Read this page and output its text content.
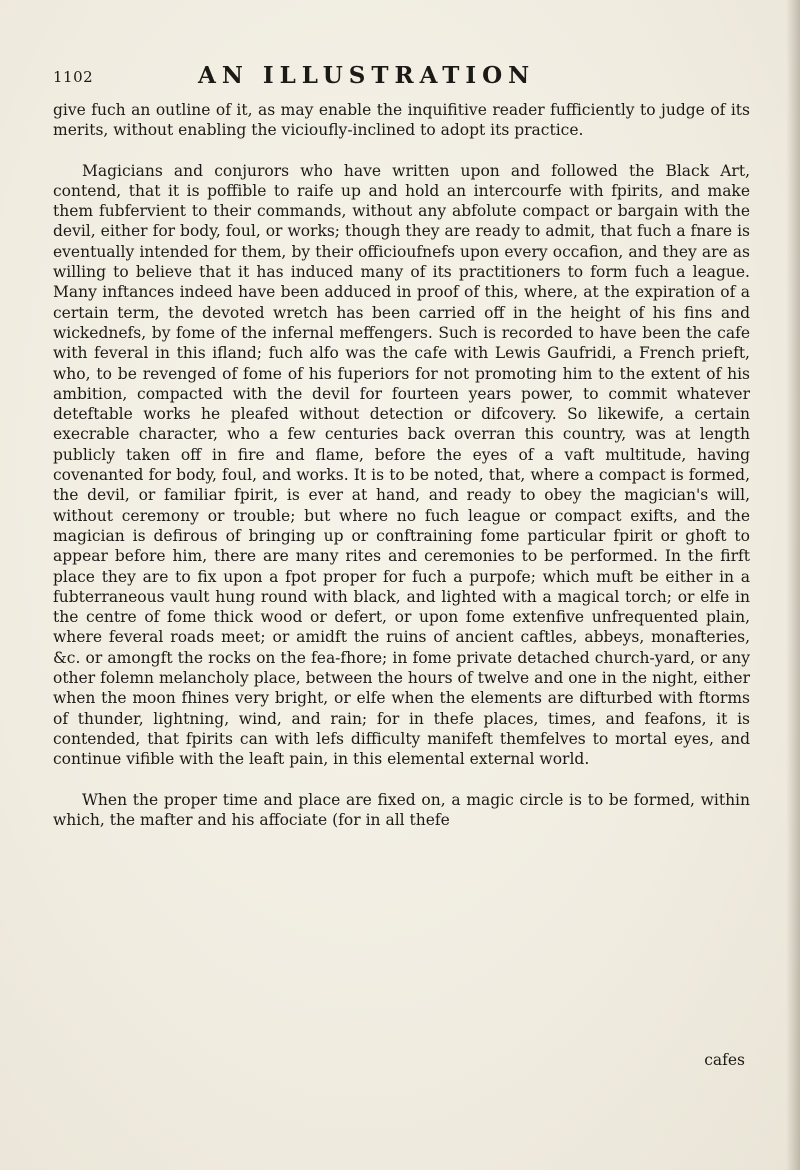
1102	AN ILLUSTRATION

give fuch an outline of it, as may enable the inquifitive reader fufficiently to judge of its merits, without enabling the vicioufly-inclined to adopt its practice.

Magicians and conjurors who have written upon and followed the Black Art, contend, that it is poffible to raife up and hold an intercourfe with fpirits, and make them fubfervient to their commands, without any abfolute compact or bargain with the devil, either for body, foul, or works; though they are ready to admit, that fuch a fnare is eventually intended for them, by their officioufnefs upon every occafion, and they are as willing to believe that it has induced many of its practitioners to form fuch a league. Many inftances indeed have been adduced in proof of this, where, at the expiration of a certain term, the devoted wretch has been carried off in the height of his fins and wickednefs, by fome of the infernal meffengers. Such is recorded to have been the cafe with feveral in this ifland; fuch alfo was the cafe with Lewis Gaufridi, a French prieft, who, to be revenged of fome of his fuperiors for not promoting him to the extent of his ambition, compacted with the devil for fourteen years power, to commit whatever deteftable works he pleafed without detection or difcovery. So likewife, a certain execrable character, who a few centuries back overran this country, was at length publicly taken off in fire and flame, before the eyes of a vaft multitude, having covenanted for body, foul, and works. It is to be noted, that, where a compact is formed, the devil, or familiar fpirit, is ever at hand, and ready to obey the magician's will, without ceremony or trouble; but where no fuch league or compact exifts, and the magician is defirous of bringing up or conftraining fome particular fpirit or ghoft to appear before him, there are many rites and ceremonies to be performed. In the firft place they are to fix upon a fpot proper for fuch a purpofe; which muft be either in a fubterraneous vault hung round with black, and lighted with a magical torch; or elfe in the centre of fome thick wood or defert, or upon fome extenfive unfrequented plain, where feveral roads meet; or amidft the ruins of ancient caftles, abbeys, monafteries, &c. or amongft the rocks on the fea-fhore; in fome private detached church-yard, or any other folemn melancholy place, between the hours of twelve and one in the night, either when the moon fhines very bright, or elfe when the elements are difturbed with ftorms of thunder, lightning, wind, and rain; for in thefe places, times, and feafons, it is contended, that fpirits can with lefs difficulty manifeft themfelves to mortal eyes, and continue vifible with the leaft pain, in this elemental external world.

When the proper time and place are fixed on, a magic circle is to be formed, within which, the mafter and his affociate (for in all thefe

cafes
